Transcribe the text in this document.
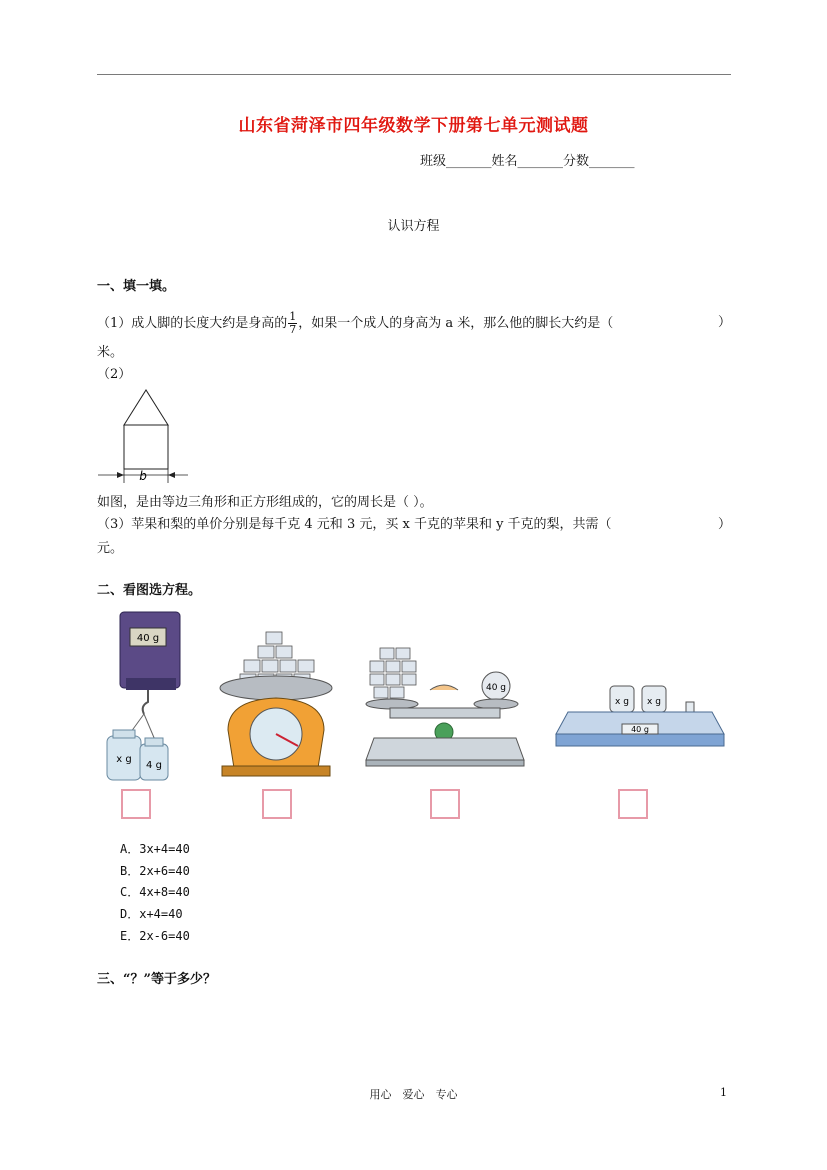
山东省菏泽市四年级数学下册第七单元测试题
班级_______姓名_______分数_______
认识方程
一、填一填。
（1）成人脚的长度大约是身高的 $\frac{1}{7}$ ，如果一个成人的身高为 a 米，那么他的脚长大约是（	）
米。
（2）
b
如图，是由等边三角形和正方形组成的，它的周长是（ ）。
（3）苹果和梨的单价分别是每千克 4 元和 3 元，买 x 千克的苹果和 y 千克的梨，共需（	）
元。
二、看图选方程。
40 g
x g
4 g
40 g
x g x g
40 g
A．3x+4=40
B．2x+6=40
C．4x+8=40
D．x+4=40
E．2x-6=40
三、“？”等于多少？
用心　爱心　专心	1
